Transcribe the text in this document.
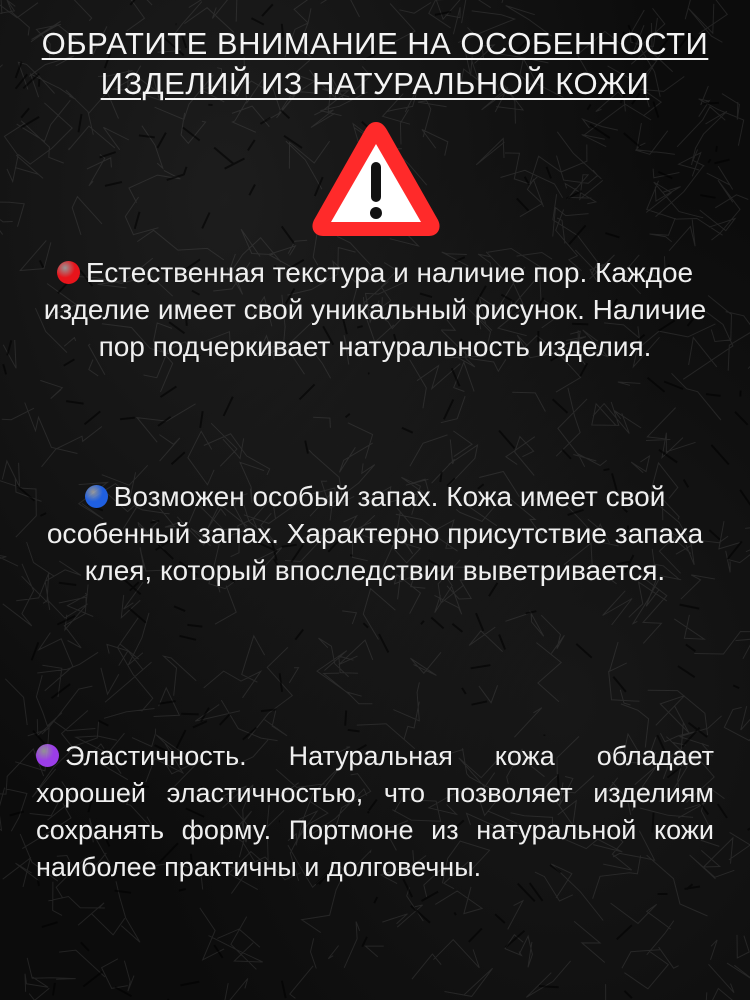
ОБРАТИТЕ ВНИМАНИЕ НА ОСОБЕННОСТИ
ИЗДЕЛИЙ ИЗ НАТУРАЛЬНОЙ КОЖИ
Естественная текстура и наличие пор. Каждое изделие имеет свой уникальный рисунок. Наличие пор подчеркивает натуральность изделия.
Возможен особый запах. Кожа имеет свой особенный запах. Характерно присутствие запаха клея, который впоследствии выветривается.
Эластичность. Натуральная кожа обладает хорошей эластичностью, что позволяет изделиям сохранять форму. Портмоне из натуральной кожи наиболее практичны и долговечны.
